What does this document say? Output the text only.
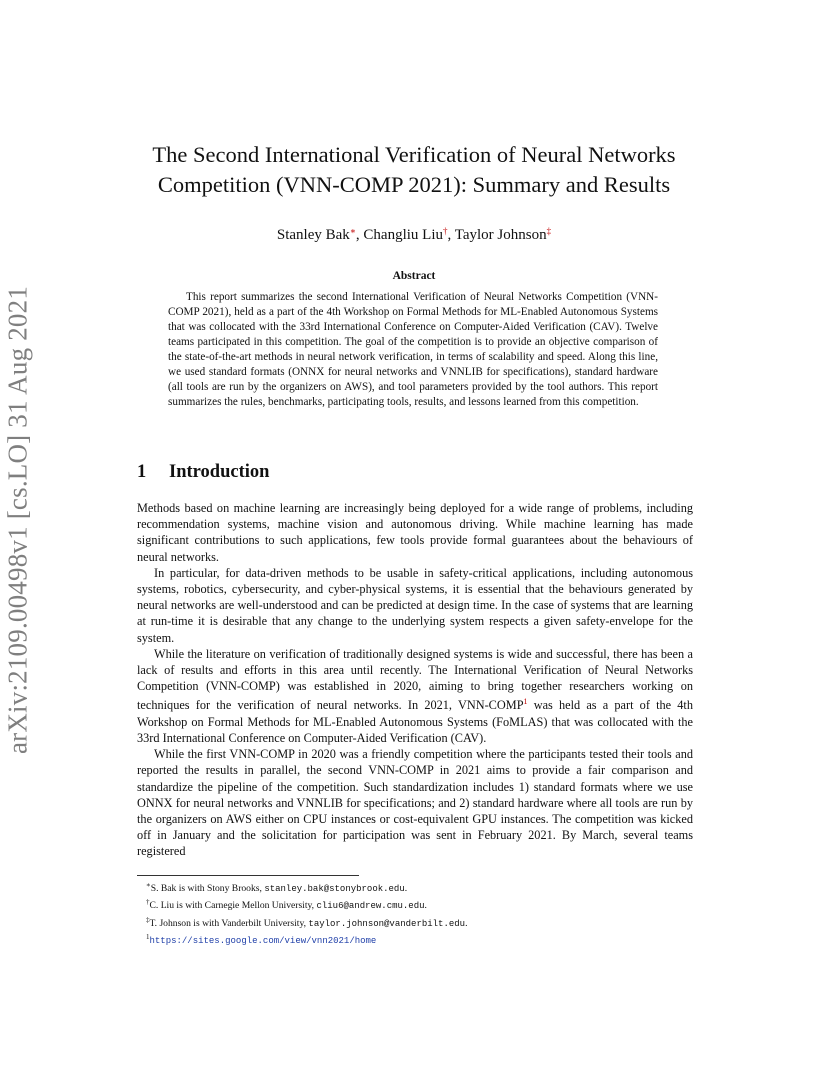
arXiv:2109.00498v1 [cs.LO] 31 Aug 2021
The Second International Verification of Neural Networks
Competition (VNN-COMP 2021): Summary and Results
Stanley Bak∗, Changliu Liu†, Taylor Johnson‡
Abstract
This report summarizes the second International Verification of Neural Networks Competition (VNN-COMP 2021), held as a part of the 4th Workshop on Formal Methods for ML-Enabled Autonomous Systems that was collocated with the 33rd International Conference on Computer-Aided Verification (CAV). Twelve teams participated in this competition. The goal of the competition is to provide an objective comparison of the state-of-the-art methods in neural network verification, in terms of scalability and speed. Along this line, we used standard formats (ONNX for neural networks and VNNLIB for specifications), standard hardware (all tools are run by the organizers on AWS), and tool parameters provided by the tool authors. This report summarizes the rules, benchmarks, participating tools, results, and lessons learned from this competition.
1 Introduction

Methods based on machine learning are increasingly being deployed for a wide range of problems, including recommendation systems, machine vision and autonomous driving. While machine learning has made significant contributions to such applications, few tools provide formal guarantees about the behaviours of neural networks.

In particular, for data-driven methods to be usable in safety-critical applications, including autonomous systems, robotics, cybersecurity, and cyber-physical systems, it is essential that the behaviours generated by neural networks are well-understood and can be predicted at design time. In the case of systems that are learning at run-time it is desirable that any change to the underlying system respects a given safety-envelope for the system.

While the literature on verification of traditionally designed systems is wide and successful, there has been a lack of results and efforts in this area until recently. The International Verification of Neural Networks Competition (VNN-COMP) was established in 2020, aiming to bring together researchers working on techniques for the verification of neural networks. In 2021, VNN-COMP$^1$ was held as a part of the 4th Workshop on Formal Methods for ML-Enabled Autonomous Systems (FoMLAS) that was collocated with the 33rd International Conference on Computer-Aided Verification (CAV).

While the first VNN-COMP in 2020 was a friendly competition where the participants tested their tools and reported the results in parallel, the second VNN-COMP in 2021 aims to provide a fair comparison and standardize the pipeline of the competition. Such standardization includes 1) standard formats where we use ONNX for neural networks and VNNLIB for specifications; and 2) standard hardware where all tools are run by the organizers on AWS either on CPU instances or cost-equivalent GPU instances. The competition was kicked off in January and the solicitation for participation was sent in February 2021. By March, several teams registered

∗S. Bak is with Stony Brooks, stanley.bak@stonybrook.edu.
†C. Liu is with Carnegie Mellon University, cliu6@andrew.cmu.edu.
‡T. Johnson is with Vanderbilt University, taylor.johnson@vanderbilt.edu.
$^1$https://sites.google.com/view/vnn2021/home
